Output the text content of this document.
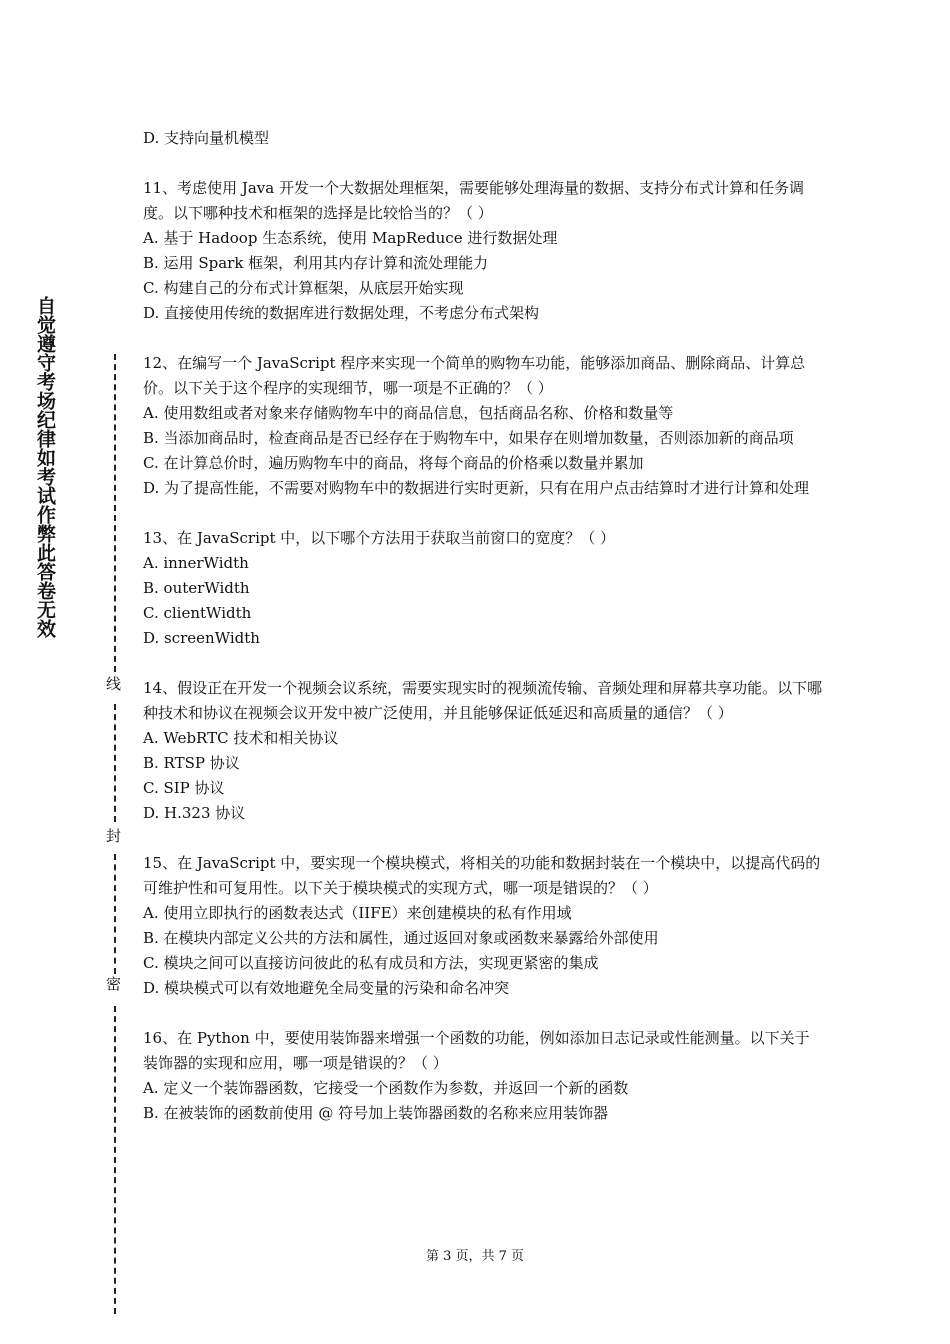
自觉遵守考场纪律如考试作弊此答卷无效
线
封
密

D. 支持向量机模型

11、考虑使用 Java 开发一个大数据处理框架，需要能够处理海量的数据、支持分布式计算和任务调度。以下哪种技术和框架的选择是比较恰当的？（ ）

A. 基于 Hadoop 生态系统，使用 MapReduce 进行数据处理

B. 运用 Spark 框架，利用其内存计算和流处理能力

C. 构建自己的分布式计算框架，从底层开始实现

D. 直接使用传统的数据库进行数据处理，不考虑分布式架构

12、在编写一个 JavaScript 程序来实现一个简单的购物车功能，能够添加商品、删除商品、计算总价。以下关于这个程序的实现细节，哪一项是不正确的？（ ）

A. 使用数组或者对象来存储购物车中的商品信息，包括商品名称、价格和数量等

B. 当添加商品时，检查商品是否已经存在于购物车中，如果存在则增加数量，否则添加新的商品项

C. 在计算总价时，遍历购物车中的商品，将每个商品的价格乘以数量并累加

D. 为了提高性能，不需要对购物车中的数据进行实时更新，只有在用户点击结算时才进行计算和处理

13、在 JavaScript 中，以下哪个方法用于获取当前窗口的宽度？（ ）

A. innerWidth

B. outerWidth

C. clientWidth

D. screenWidth

14、假设正在开发一个视频会议系统，需要实现实时的视频流传输、音频处理和屏幕共享功能。以下哪种技术和协议在视频会议开发中被广泛使用，并且能够保证低延迟和高质量的通信？（ ）

A. WebRTC 技术和相关协议

B. RTSP 协议

C. SIP 协议

D. H.323 协议

15、在 JavaScript 中，要实现一个模块模式，将相关的功能和数据封装在一个模块中，以提高代码的可维护性和可复用性。以下关于模块模式的实现方式，哪一项是错误的？（ ）

A. 使用立即执行的函数表达式（IIFE）来创建模块的私有作用域

B. 在模块内部定义公共的方法和属性，通过返回对象或函数来暴露给外部使用

C. 模块之间可以直接访问彼此的私有成员和方法，实现更紧密的集成

D. 模块模式可以有效地避免全局变量的污染和命名冲突

16、在 Python 中，要使用装饰器来增强一个函数的功能，例如添加日志记录或性能测量。以下关于装饰器的实现和应用，哪一项是错误的？（ ）

A. 定义一个装饰器函数，它接受一个函数作为参数，并返回一个新的函数

B. 在被装饰的函数前使用 @ 符号加上装饰器函数的名称来应用装饰器

第 3 页，共 7 页
